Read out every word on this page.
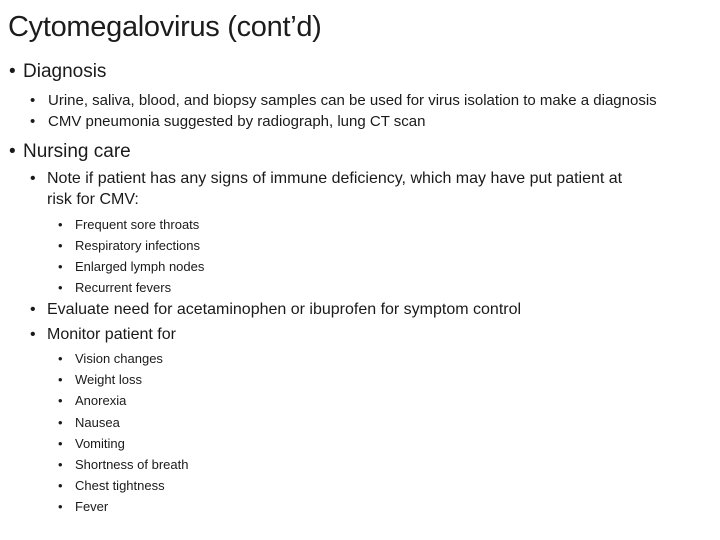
Cytomegalovirus (cont’d)
• Diagnosis
• Urine, saliva, blood, and biopsy samples can be used for virus isolation to make a diagnosis
• CMV pneumonia suggested by radiograph, lung CT scan
• Nursing care
• Note if patient has any signs of immune deficiency, which may have put patient at
risk for CMV:
• Frequent sore throats
• Respiratory infections
• Enlarged lymph nodes
• Recurrent fevers
• Evaluate need for acetaminophen or ibuprofen for symptom control
• Monitor patient for
• Vision changes
• Weight loss
• Anorexia
• Nausea
• Vomiting
• Shortness of breath
• Chest tightness
• Fever
